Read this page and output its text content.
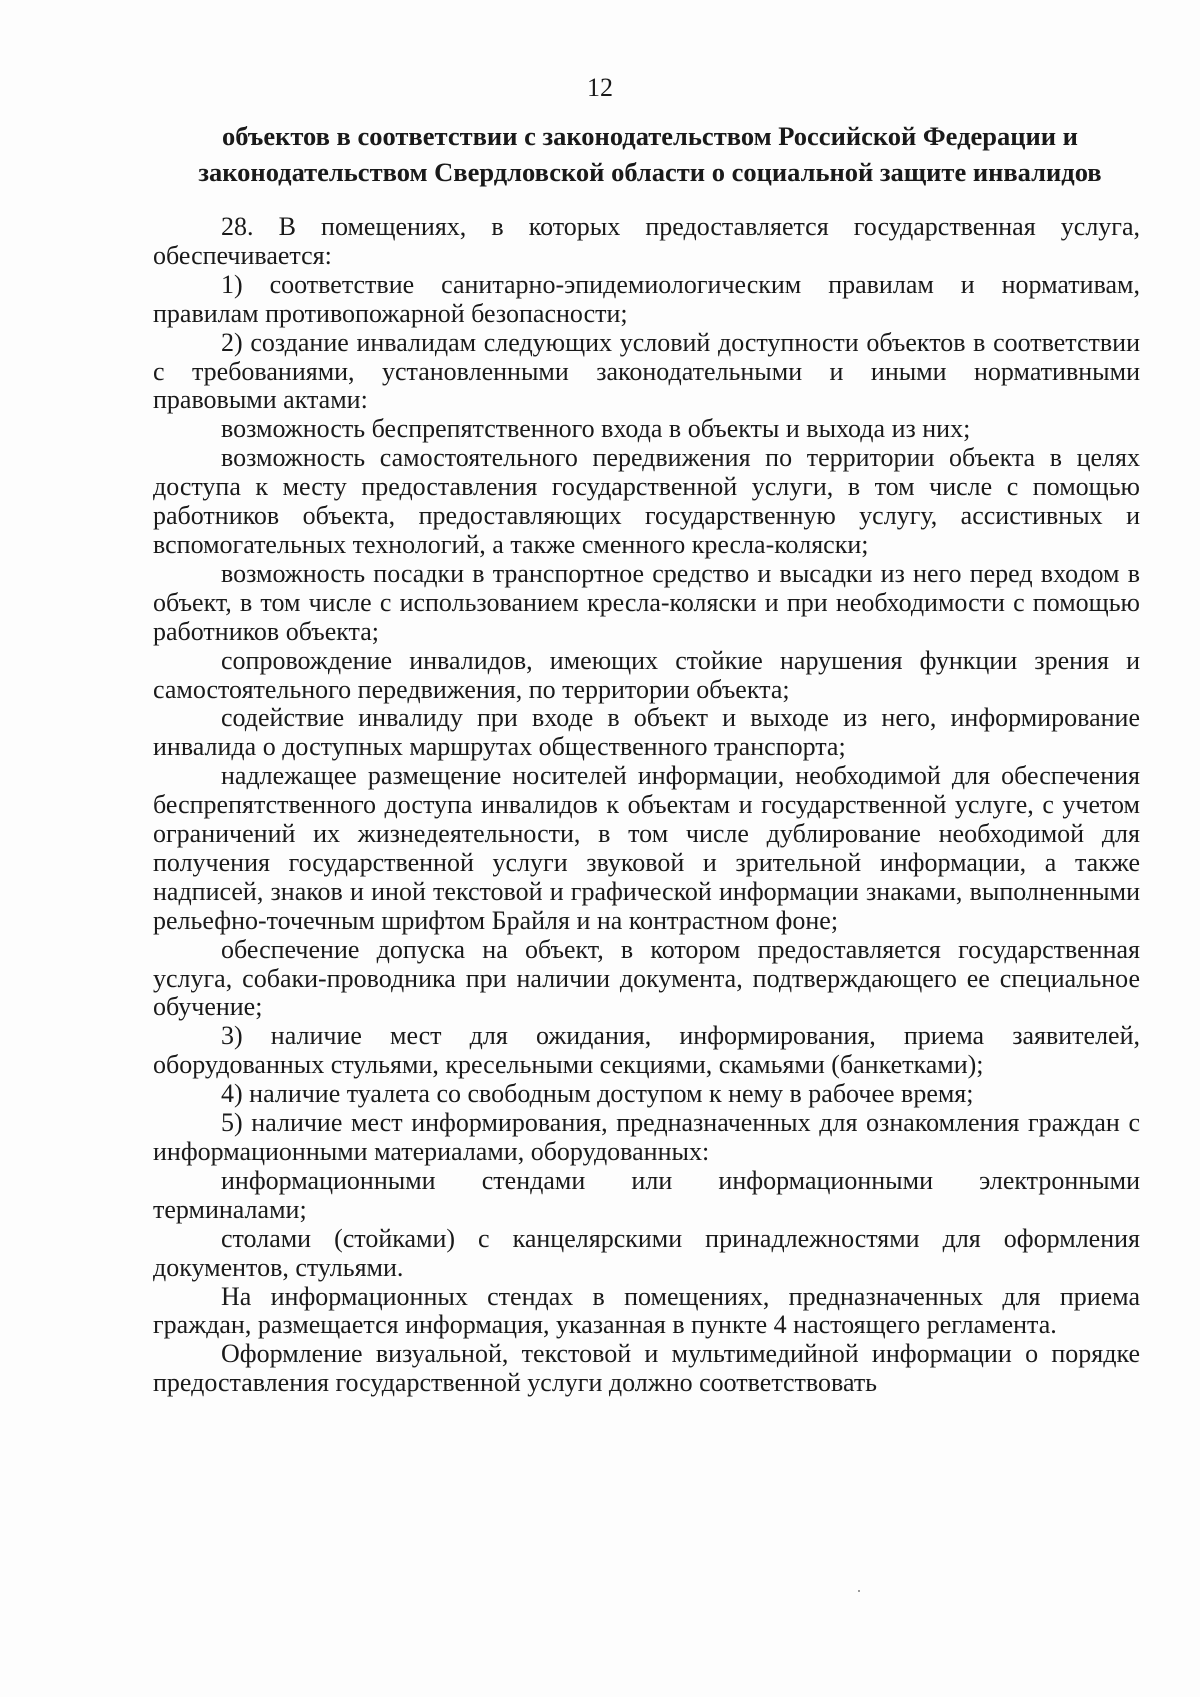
12
объектов в соответствии с законодательством Российской Федерации и
законодательством Свердловской области о социальной защите инвалидов

28. В помещениях, в которых предоставляется государственная услуга, обеспечивается:

1) соответствие санитарно-эпидемиологическим правилам и нормативам, правилам противопожарной безопасности;

2) создание инвалидам следующих условий доступности объектов в соответствии с требованиями, установленными законодательными и иными нормативными правовыми актами:

возможность беспрепятственного входа в объекты и выхода из них;

возможность самостоятельного передвижения по территории объекта в целях доступа к месту предоставления государственной услуги, в том числе с помощью работников объекта, предоставляющих государственную услугу, ассистивных и вспомогательных технологий, а также сменного кресла-коляски;

возможность посадки в транспортное средство и высадки из него перед входом в объект, в том числе с использованием кресла-коляски и при необходимости с помощью работников объекта;

сопровождение инвалидов, имеющих стойкие нарушения функции зрения и самостоятельного передвижения, по территории объекта;

содействие инвалиду при входе в объект и выходе из него, информирование инвалида о доступных маршрутах общественного транспорта;

надлежащее размещение носителей информации, необходимой для обеспечения беспрепятственного доступа инвалидов к объектам и государственной услуге, с учетом ограничений их жизнедеятельности, в том числе дублирование необходимой для получения государственной услуги звуковой и зрительной информации, а также надписей, знаков и иной текстовой и графической информации знаками, выполненными рельефно-точечным шрифтом Брайля и на контрастном фоне;

обеспечение допуска на объект, в котором предоставляется государственная услуга, собаки-проводника при наличии документа, подтверждающего ее специальное обучение;

3) наличие мест для ожидания, информирования, приема заявителей, оборудованных стульями, кресельными секциями, скамьями (банкетками);

4) наличие туалета со свободным доступом к нему в рабочее время;

5) наличие мест информирования, предназначенных для ознакомления граждан с информационными материалами, оборудованных:

информационными стендами или информационными электронными терминалами;

столами (стойками) с канцелярскими принадлежностями для оформления документов, стульями.

На информационных стендах в помещениях, предназначенных для приема граждан, размещается информация, указанная в пункте 4 настоящего регламента.

Оформление визуальной, текстовой и мультимедийной информации о порядке предоставления государственной услуги должно соответствовать
